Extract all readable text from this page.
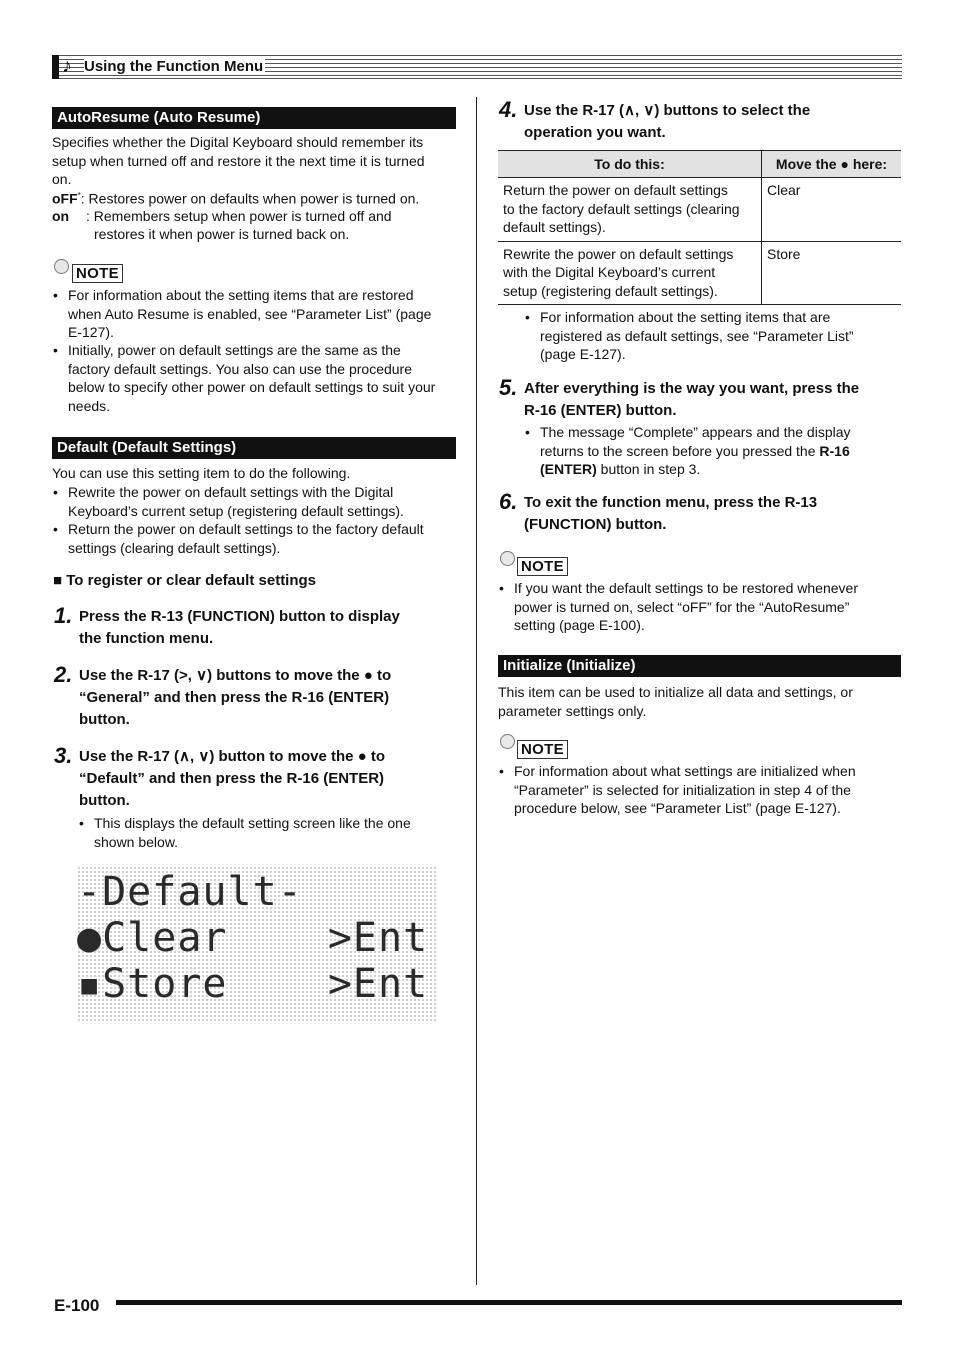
♪ Using the Function Menu
AutoResume (Auto Resume)
Specifies whether the Digital Keyboard should remember its
setup when turned off and restore it the next time it is turned
on.
oFF*: Restores power on defaults when power is turned on.
on : Remembers setup when power is turned off and
restores it when power is turned back on.
NOTE
• For information about the setting items that are restored
when Auto Resume is enabled, see “Parameter List” (page
E-127).
• Initially, power on default settings are the same as the
factory default settings. You also can use the procedure
below to specify other power on default settings to suit your
needs.
Default (Default Settings)
You can use this setting item to do the following.
• Rewrite the power on default settings with the Digital
Keyboard’s current setup (registering default settings).
• Return the power on default settings to the factory default
settings (clearing default settings).
■ To register or clear default settings
1. Press the R-13 (FUNCTION) button to display
the function menu.
2. Use the R-17 (>, ∨) buttons to move the ● to
“General” and then press the R-16 (ENTER)
button.
3. Use the R-17 (∧, ∨) button to move the ● to
“Default” and then press the R-16 (ENTER)
button.
• This displays the default setting screen like the one
shown below.
-Default-
●Clear    >Ent
▪Store    >Ent
4. Use the R-17 (∧, ∨) buttons to select the
operation you want.
To do this:	Move the ● here:

Return the power on default settings
to the factory default settings (clearing
default settings).	Clear

Rewrite the power on default settings
with the Digital Keyboard’s current
setup (registering default settings).	Store
• For information about the setting items that are
registered as default settings, see “Parameter List”
(page E-127).
5. After everything is the way you want, press the
R-16 (ENTER) button.
• The message “Complete” appears and the display
returns to the screen before you pressed the R-16
(ENTER) button in step 3.
6. To exit the function menu, press the R-13
(FUNCTION) button.
NOTE
• If you want the default settings to be restored whenever
power is turned on, select “oFF” for the “AutoResume”
setting (page E-100).
Initialize (Initialize)
This item can be used to initialize all data and settings, or
parameter settings only.
NOTE
• For information about what settings are initialized when
“Parameter” is selected for initialization in step 4 of the
procedure below, see “Parameter List” (page E-127).
E-100
